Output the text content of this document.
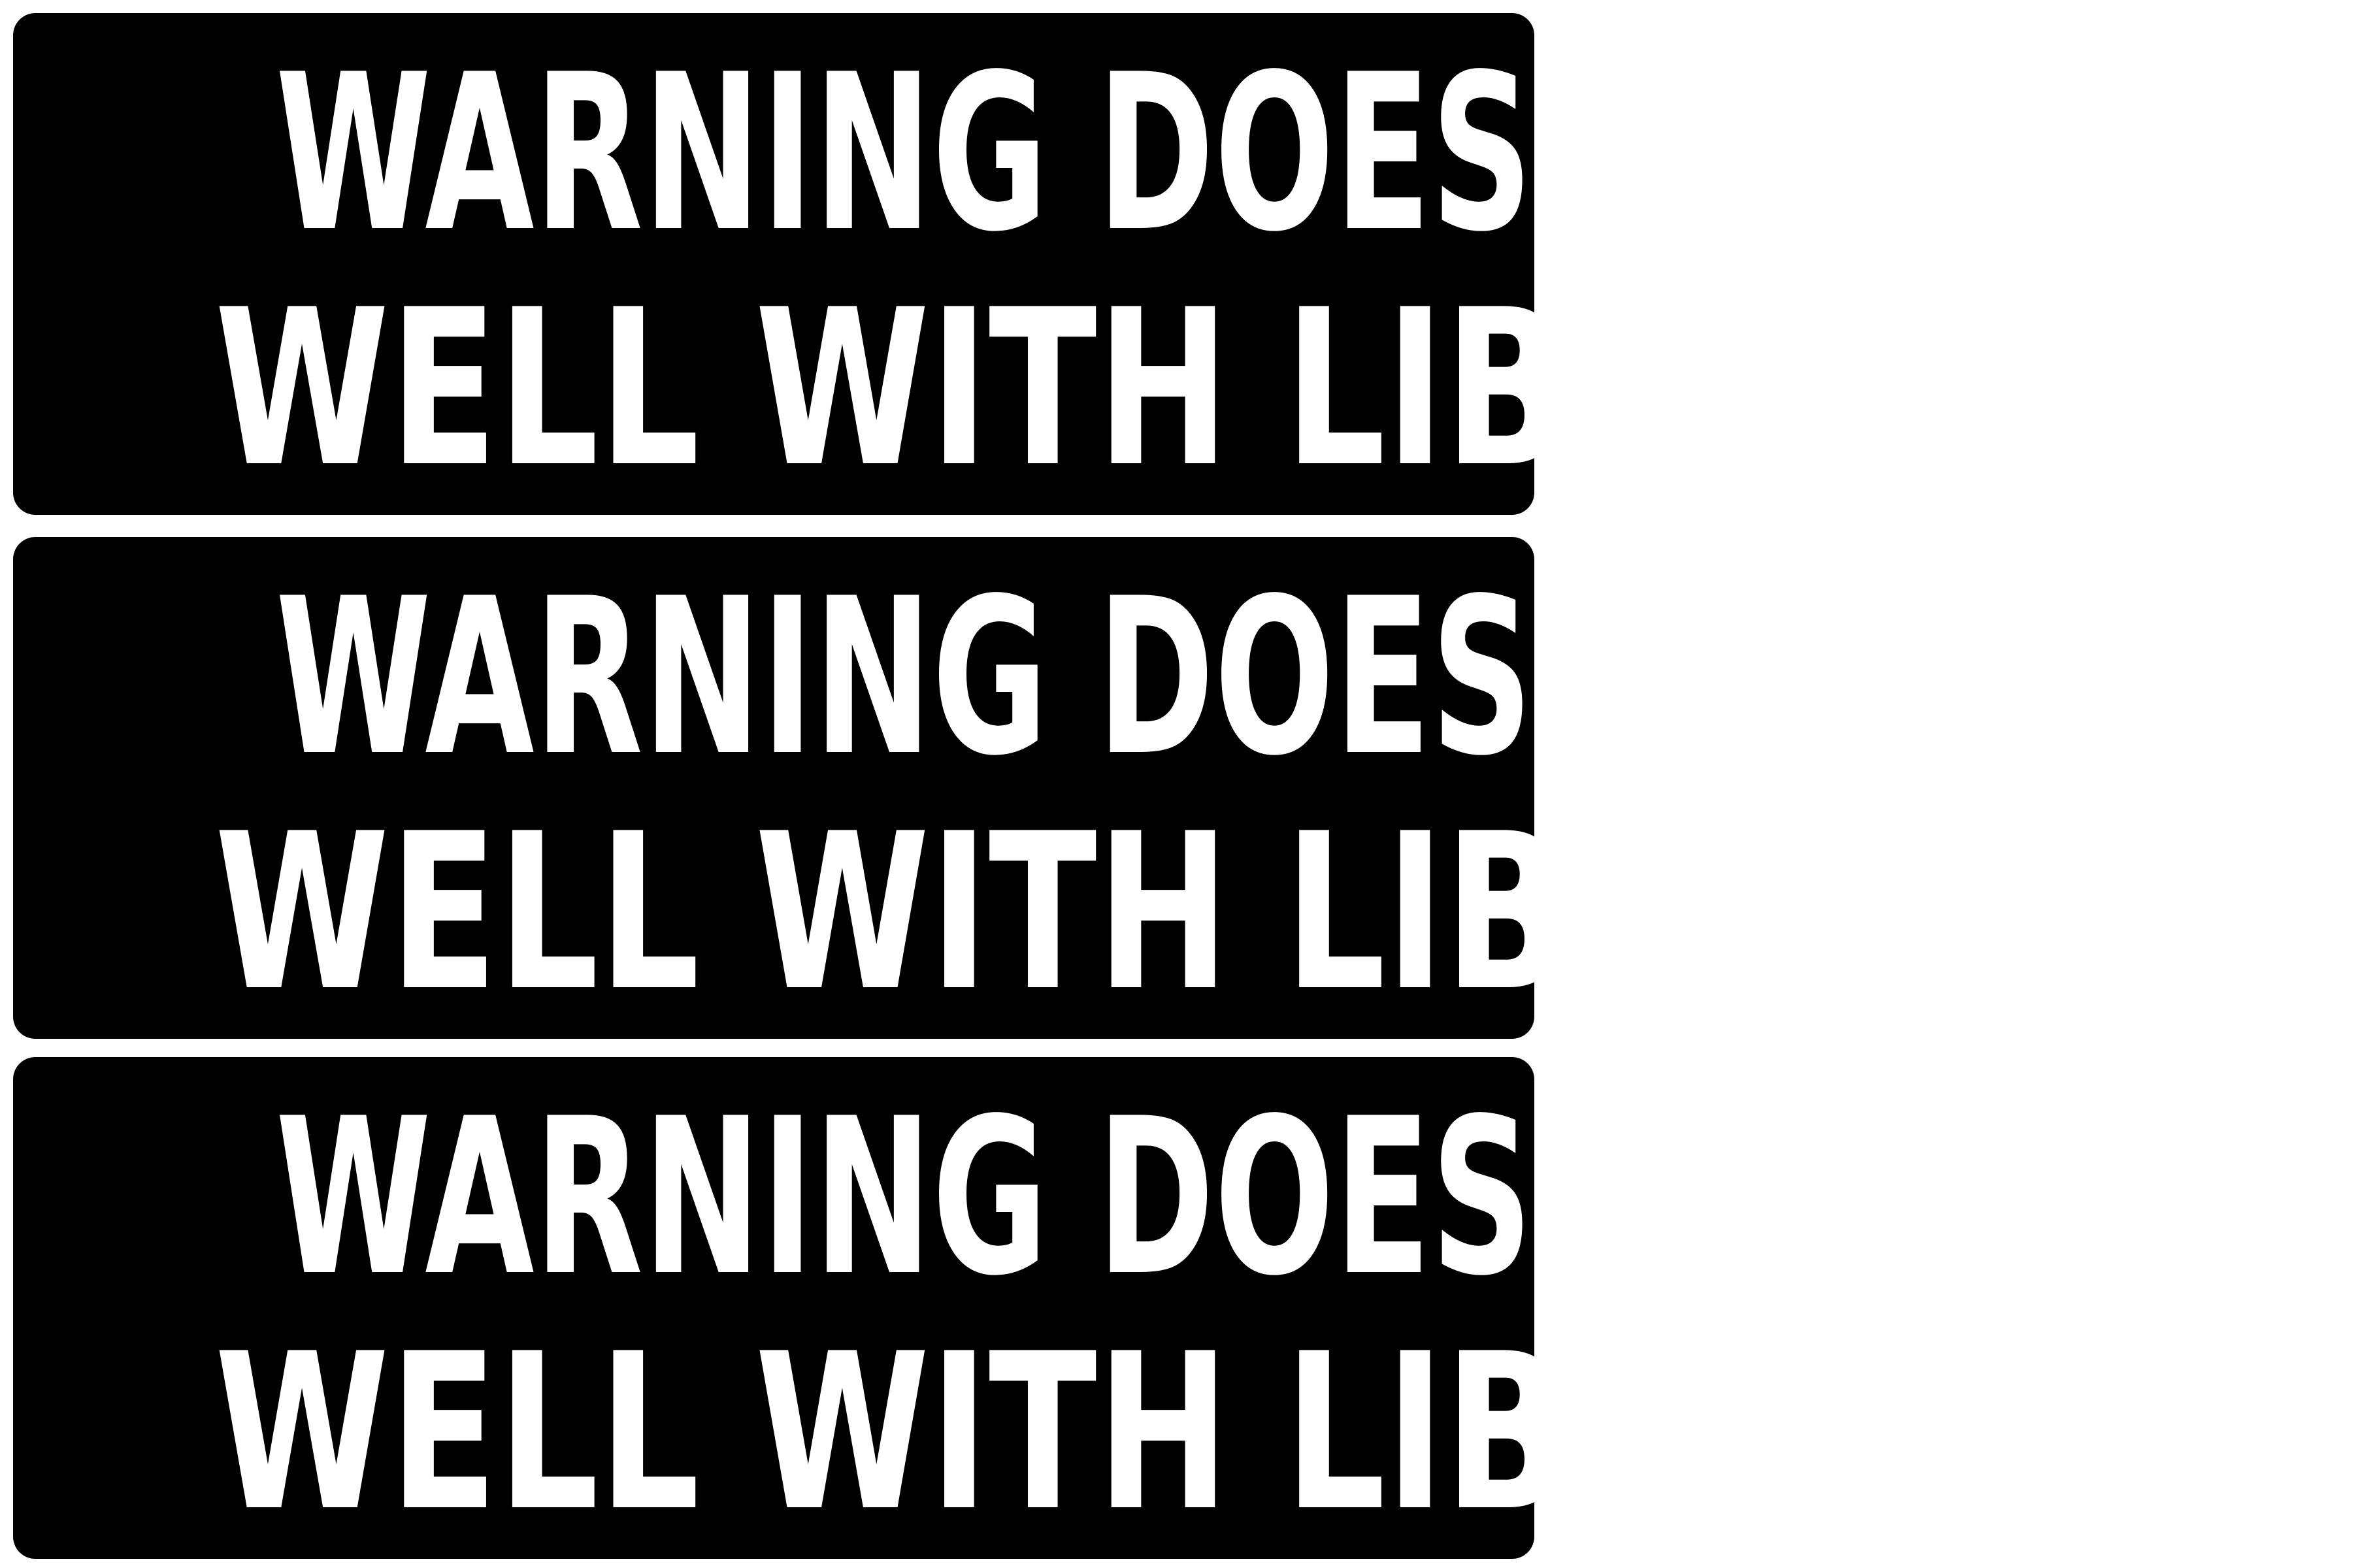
WARNING DOES NOT PLAY
WELL WITH LIBERALS
WARNING DOES NOT PLAY
WELL WITH LIBERALS
WARNING DOES NOT PLAY
WELL WITH LIBERALS
